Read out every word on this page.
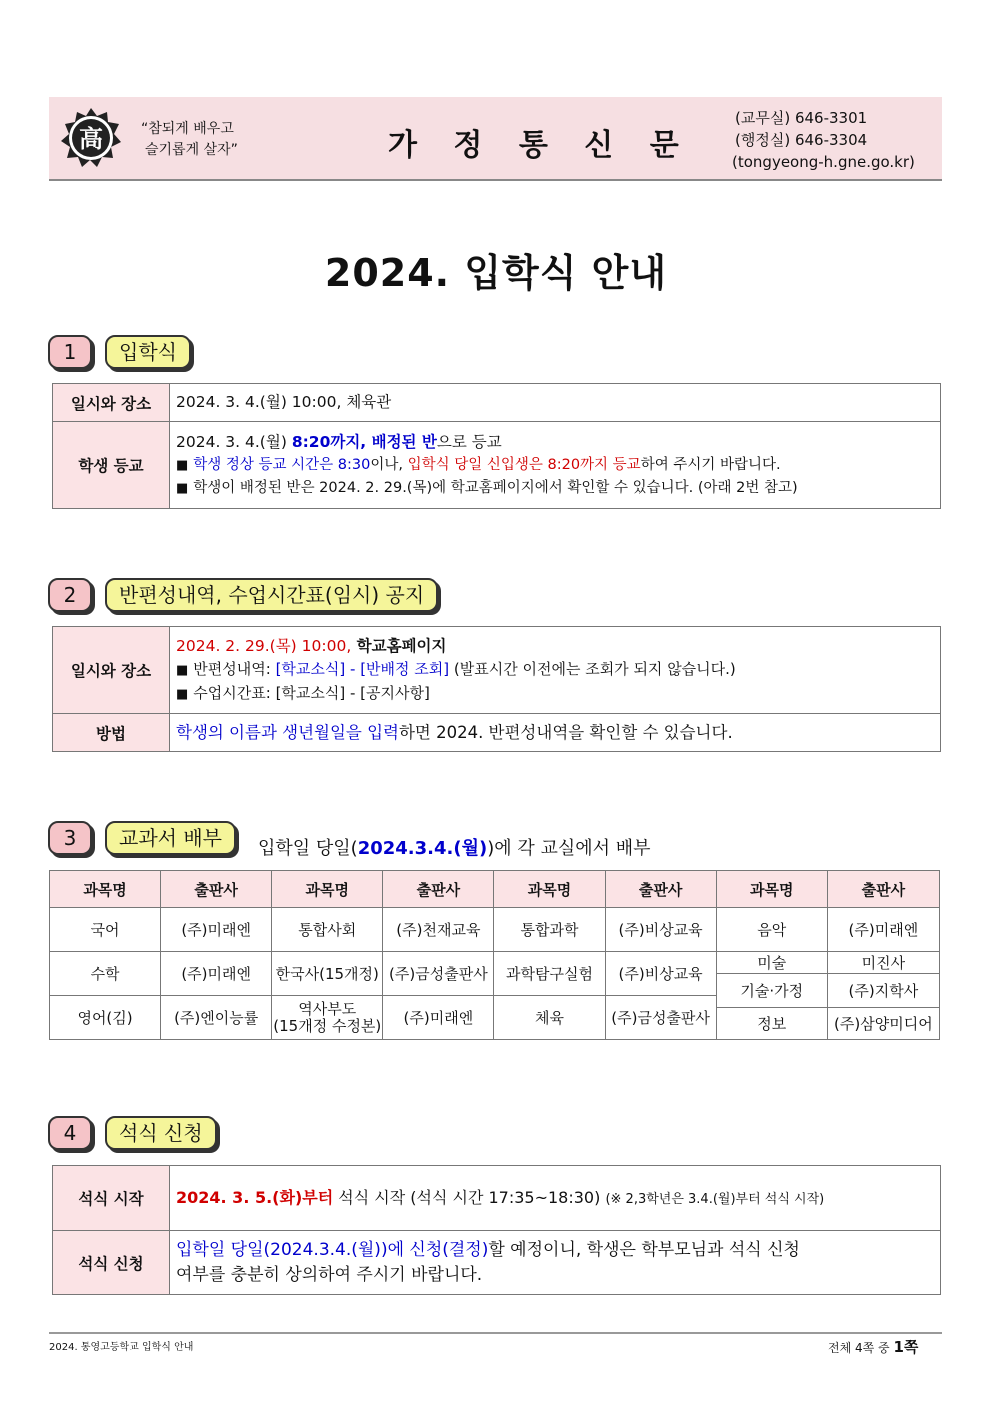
高	“참되게 배우고
슬기롭게 살자”	가 정 통 신 문
(교무실) 646-3301
(행정실) 646-3304
(tongyeong-h.gne.go.kr)
2024. 입학식 안내
1	입학식
일시와 장소	2024. 3. 4.(월) 10:00, 체육관
학생 등교	2024. 3. 4.(월) 8:20까지, 배정된 반으로 등교
■ 학생 정상 등교 시간은 8:30이나, 입학식 당일 신입생은 8:20까지 등교하여 주시기 바랍니다.
■ 학생이 배정된 반은 2024. 2. 29.(목)에 학교홈페이지에서 확인할 수 있습니다. (아래 2번 참고)
2	반편성내역, 수업시간표(임시) 공지
일시와 장소	2024. 2. 29.(목) 10:00, 학교홈페이지
■ 반편성내역: [학교소식] - [반배정 조회] (발표시간 이전에는 조회가 되지 않습니다.)
■ 수업시간표: [학교소식] - [공지사항]

방법	학생의 이름과 생년월일을 입력하면 2024. 반편성내역을 확인할 수 있습니다.
3	교과서 배부	입학일 당일(2024.3.4.(월))에 각 교실에서 배부
과목명	출판사	과목명	출판사	과목명	출판사	과목명	출판사
국어	(주)미래엔	통합사회	(주)천재교육	통합과학	(주)비상교육	음악	(주)미래엔

수학	(주)미래엔	한국사(15개정)	(주)금성출판사	과학탐구실험	(주)비상교육	미술	미진사
						기술·가정	(주)지학사
영어(김)	(주)엔이능률	역사부도
(15개정 수정본)	(주)미래엔	체육	(주)금성출판사		
						정보	(주)삼양미디어
4	석식 신청
석식 시작	2024. 3. 5.(화)부터 석식 시작 (석식 시간 17:35~18:30) (※ 2,3학년은 3.4.(월)부터 석식 시작)
석식 신청	입학일 당일(2024.3.4.(월))에 신청(결정)할 예정이니, 학생은 학부모님과 석식 신청
여부를 충분히 상의하여 주시기 바랍니다.
2024. 통영고등학교 입학식 안내	전체 4쪽 중 1쪽
